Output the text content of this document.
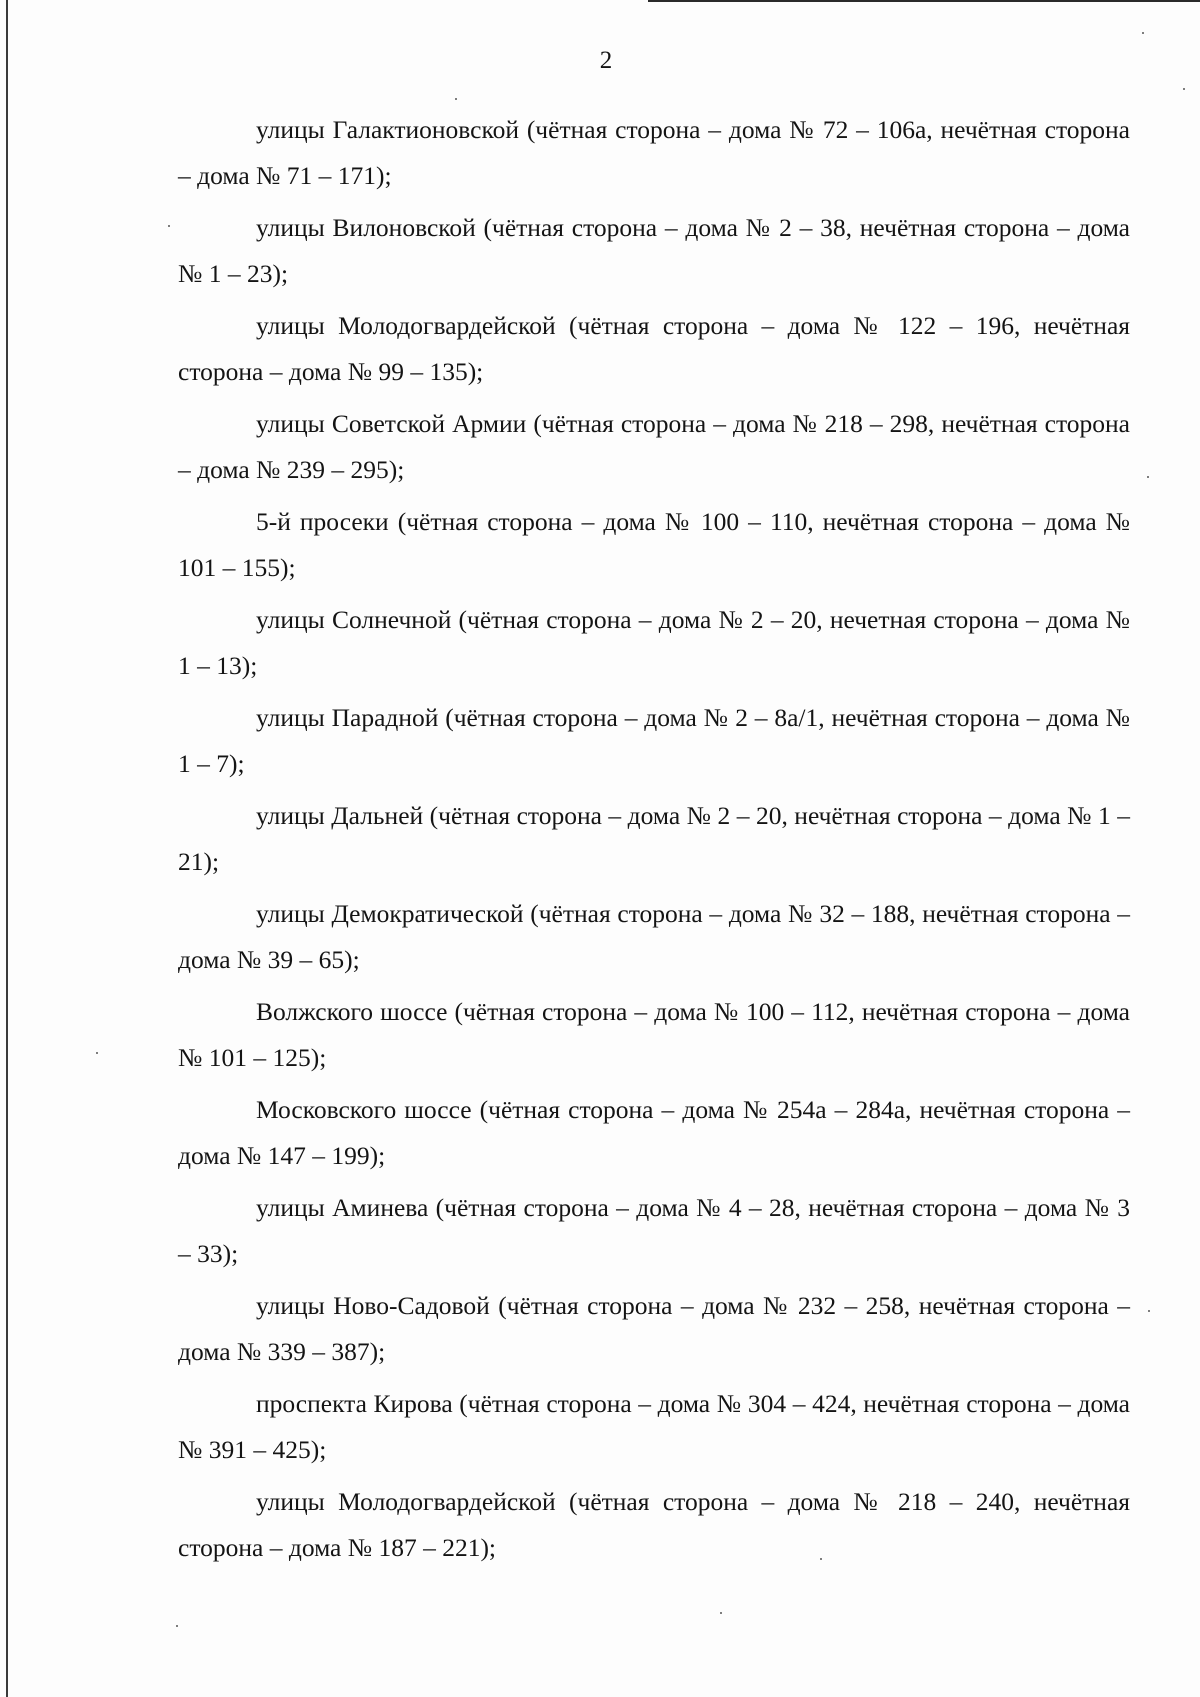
2

улицы Галактионовской (чётная сторона – дома № 72 – 106а, нечётная сторона – дома № 71 – 171);

улицы Вилоновской (чётная сторона – дома № 2 – 38, нечётная сторона – дома № 1 – 23);

улицы Молодогвардейской (чётная сторона – дома № 122 – 196, нечётная сторона – дома № 99 – 135);

улицы Советской Армии (чётная сторона – дома № 218 – 298, нечётная сторона – дома № 239 – 295);

5-й просеки (чётная сторона – дома № 100 – 110, нечётная сторона – дома № 101 – 155);

улицы Солнечной (чётная сторона – дома № 2 – 20, нечетная сторона – дома № 1 – 13);

улицы Парадной (чётная сторона – дома № 2 – 8а/1, нечётная сторона – дома № 1 – 7);

улицы Дальней (чётная сторона – дома № 2 – 20, нечётная сторона – дома № 1 – 21);

улицы Демократической (чётная сторона – дома № 32 – 188, нечётная сторона – дома № 39 – 65);

Волжского шоссе (чётная сторона – дома № 100 – 112, нечётная сторона – дома № 101 – 125);

Московского шоссе (чётная сторона – дома № 254а – 284а, нечётная сторона – дома № 147 – 199);

улицы Аминева (чётная сторона – дома № 4 – 28, нечётная сторона – дома № 3 – 33);

улицы Ново-Садовой (чётная сторона – дома № 232 – 258, нечётная сторона – дома № 339 – 387);

проспекта Кирова (чётная сторона – дома № 304 – 424, нечётная сторона – дома № 391 – 425);

улицы Молодогвардейской (чётная сторона – дома № 218 – 240, нечётная сторона – дома № 187 – 221);
